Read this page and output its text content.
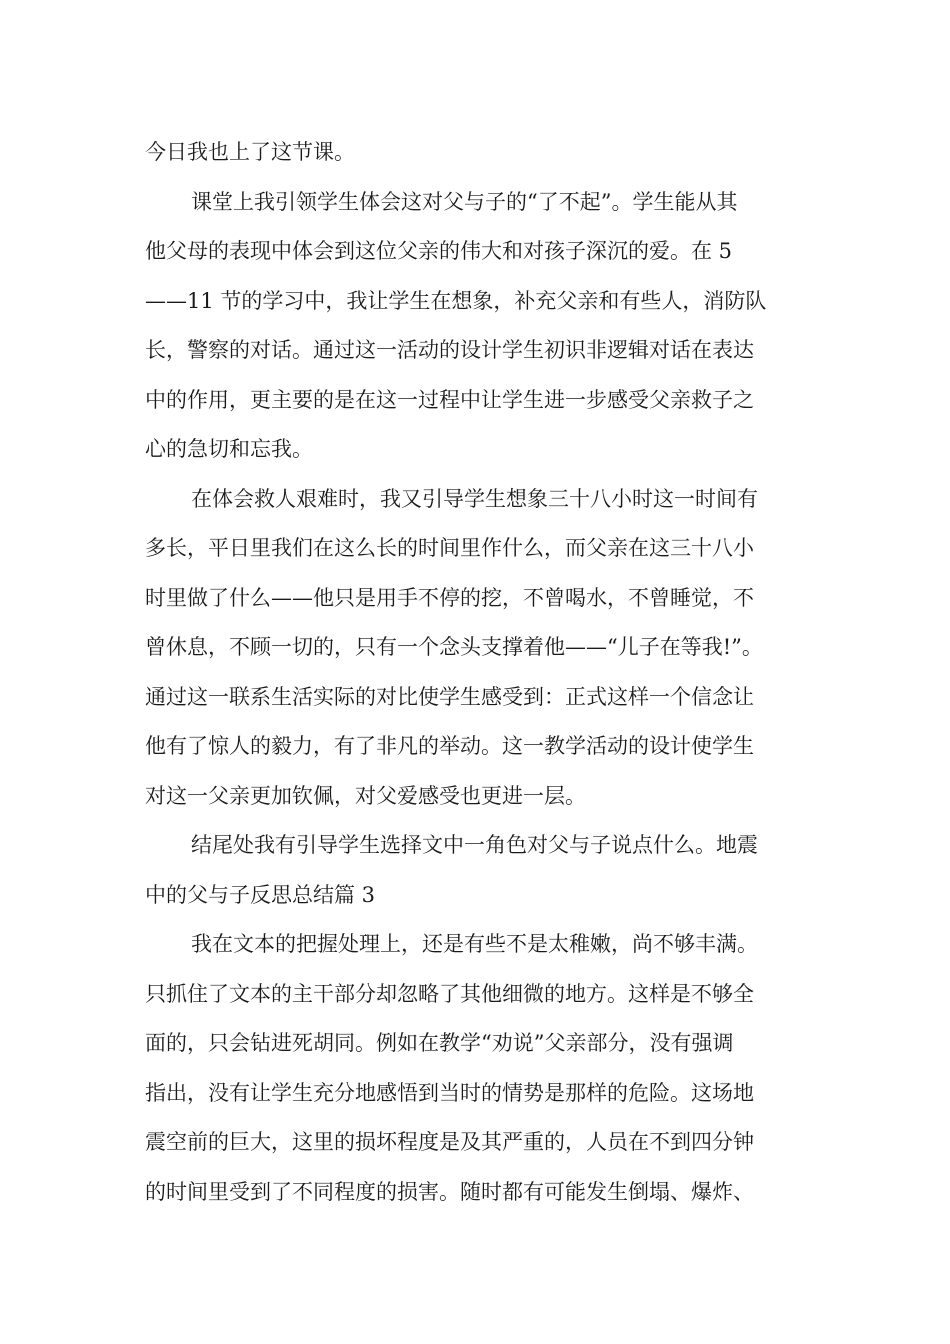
今日我也上了这节课。
课堂上我引领学生体会这对父与子的“了不起”。学生能从其
他父母的表现中体会到这位父亲的伟大和对孩子深沉的爱。在 5
——11 节的学习中，我让学生在想象，补充父亲和有些人，消防队
长，警察的对话。通过这一活动的设计学生初识非逻辑对话在表达
中的作用，更主要的是在这一过程中让学生进一步感受父亲救子之
心的急切和忘我。
在体会救人艰难时，我又引导学生想象三十八小时这一时间有
多长，平日里我们在这么长的时间里作什么，而父亲在这三十八小
时里做了什么——他只是用手不停的挖，不曾喝水，不曾睡觉，不
曾休息，不顾一切的，只有一个念头支撑着他——“儿子在等我!”。
通过这一联系生活实际的对比使学生感受到：正式这样一个信念让
他有了惊人的毅力，有了非凡的举动。这一教学活动的设计使学生
对这一父亲更加钦佩，对父爱感受也更进一层。
结尾处我有引导学生选择文中一角色对父与子说点什么。地震
中的父与子反思总结篇 3
我在文本的把握处理上，还是有些不是太稚嫩，尚不够丰满。
只抓住了文本的主干部分却忽略了其他细微的地方。这样是不够全
面的，只会钻进死胡同。例如在教学“劝说”父亲部分，没有强调
指出，没有让学生充分地感悟到当时的情势是那样的危险。这场地
震空前的巨大，这里的损坏程度是及其严重的，人员在不到四分钟
的时间里受到了不同程度的损害。随时都有可能发生倒塌、爆炸、
